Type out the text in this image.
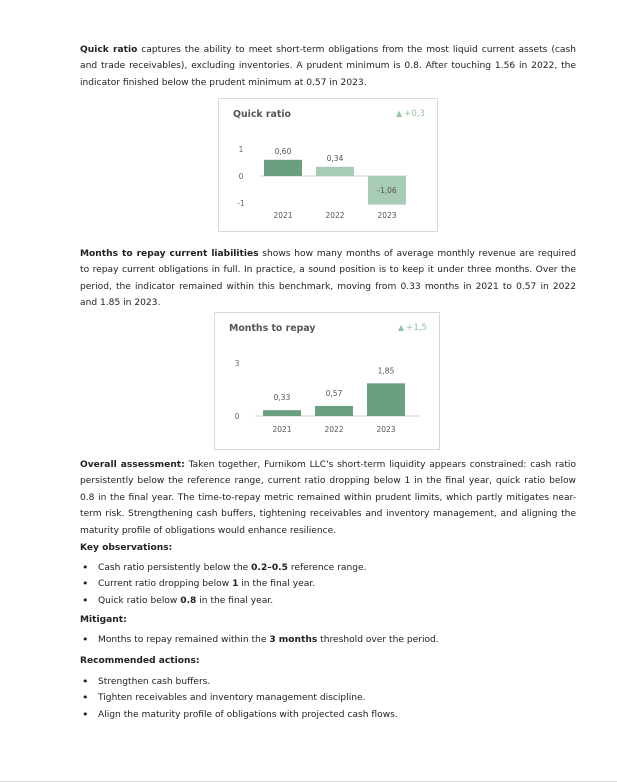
Quick ratio captures the ability to meet short-term obligations from the most liquid current assets (cash and trade receivables), excluding inventories. A prudent minimum is 0.8. After touching 1.56 in 2022, the indicator finished below the prudent minimum at 0.57 in 2023.
Quick ratio	▲ +0,3
1
0
-1
0,60
2021
0,34
2022
-1,06
2023
Months to repay current liabilities shows how many months of average monthly revenue are required to repay current obligations in full. In practice, a sound position is to keep it under three months. Over the period, the indicator remained within this benchmark, moving from 0.33 months in 2021 to 0.57 in 2022 and 1.85 in 2023.
Months to repay	▲ +1,5
3
0
0,33
2021
0,57
2022
1,85
2023
Overall assessment: Taken together, Furnikom LLC's short-term liquidity appears constrained: cash ratio persistently below the reference range, current ratio dropping below 1 in the final year, quick ratio below 0.8 in the final year. The time-to-repay metric remained within prudent limits, which partly mitigates near-term risk. Strengthening cash buffers, tightening receivables and inventory management, and aligning the maturity profile of obligations would enhance resilience.
Key observations:
• Cash ratio persistently below the 0.2–0.5 reference range.
• Current ratio dropping below 1 in the final year.
• Quick ratio below 0.8 in the final year.
Mitigant:
• Months to repay remained within the 3 months threshold over the period.
Recommended actions:
• Strengthen cash buffers.
• Tighten receivables and inventory management discipline.
• Align the maturity profile of obligations with projected cash flows.
